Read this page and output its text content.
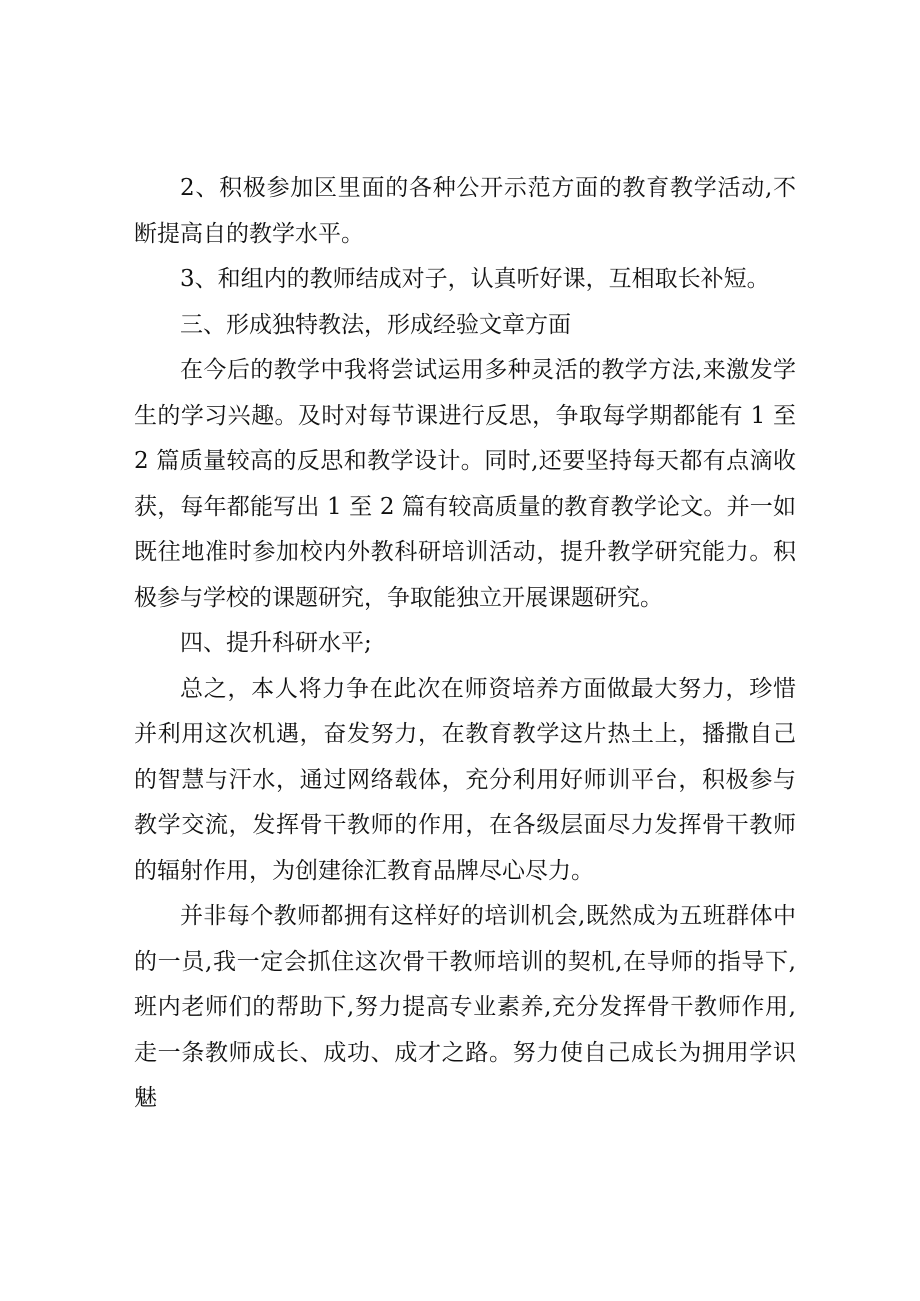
2、积极参加区里面的各种公开示范方面的教育教学活动,不断提高自的教学水平。

3、和组内的教师结成对子，认真听好课，互相取长补短。

三、形成独特教法，形成经验文章方面

在今后的教学中我将尝试运用多种灵活的教学方法,来激发学生的学习兴趣。及时对每节课进行反思，争取每学期都能有 1 至 2 篇质量较高的反思和教学设计。同时,还要坚持每天都有点滴收获，每年都能写出 1 至 2 篇有较高质量的教育教学论文。并一如既往地准时参加校内外教科研培训活动，提升教学研究能力。积极参与学校的课题研究，争取能独立开展课题研究。

四、提升科研水平;

总之，本人将力争在此次在师资培养方面做最大努力，珍惜并利用这次机遇，奋发努力，在教育教学这片热土上，播撒自己的智慧与汗水，通过网络载体，充分利用好师训平台，积极参与教学交流，发挥骨干教师的作用，在各级层面尽力发挥骨干教师的辐射作用，为创建徐汇教育品牌尽心尽力。

并非每个教师都拥有这样好的培训机会,既然成为五班群体中的一员,我一定会抓住这次骨干教师培训的契机,在导师的指导下,班内老师们的帮助下,努力提高专业素养,充分发挥骨干教师作用,走一条教师成长、成功、成才之路。努力使自己成长为拥用学识魅
